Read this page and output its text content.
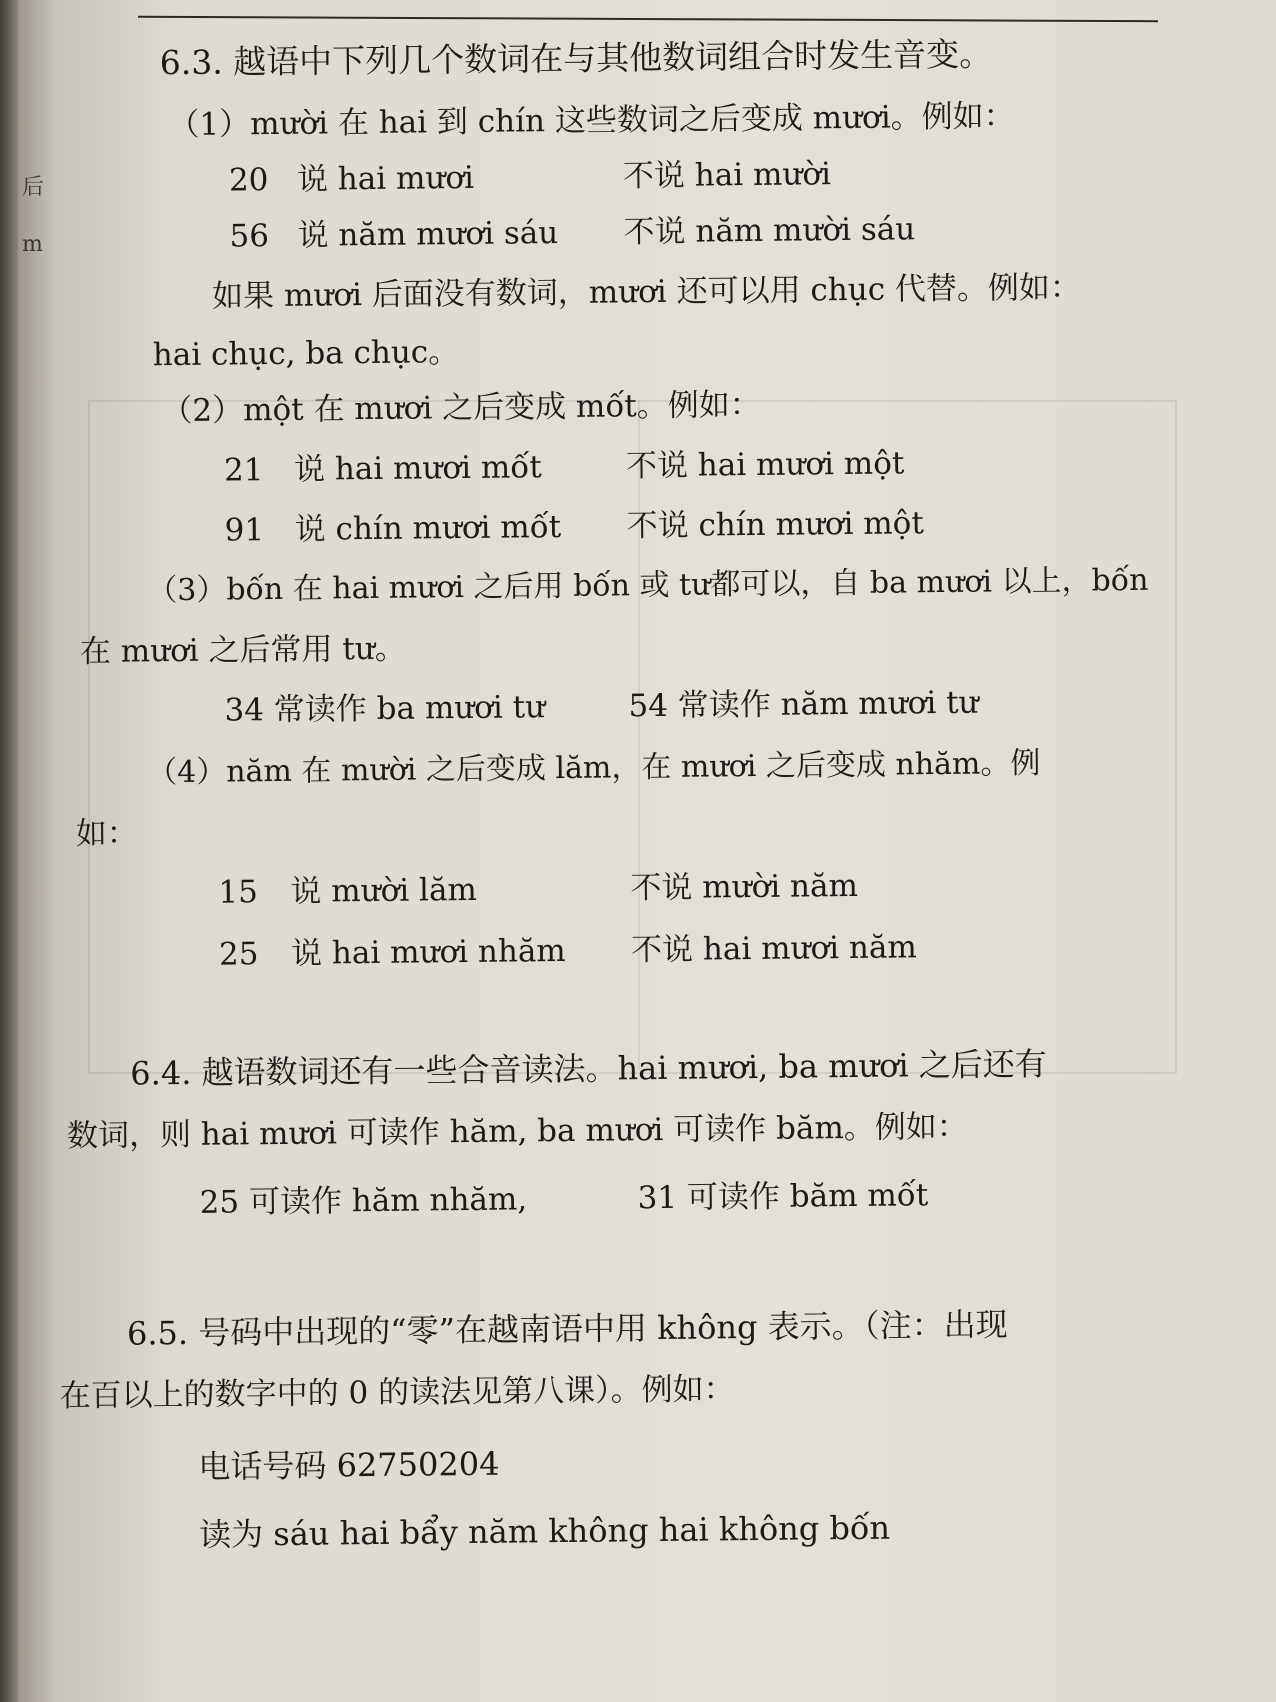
后
m
6.3. 越语中下列几个数词在与其他数词组合时发生音变。
（1）mười 在 hai 到 chín 这些数词之后变成 mươi。例如：
20 说 hai mươi	不说 hai mười
56 说 năm mươi sáu 不说 năm mười sáu
如果 mươi 后面没有数词，mươi 还可以用 chục 代替。例如：
hai chục, ba chục。
（2）một 在 mươi 之后变成 mốt。例如：
21 说 hai mươi mốt	不说 hai mươi một
91 说 chín mươi mốt 不说 chín mươi một
（3）bốn 在 hai mươi 之后用 bốn 或 tư都可以，自 ba mươi 以上，bốn
在 mươi 之后常用 tư。
34 常读作 ba mươi tư	54 常读作 năm mươi tư
（4）năm 在 mười 之后变成 lăm，在 mươi 之后变成 nhăm。例
如：
15 说 mười lăm	不说 mười năm
25 说 hai mươi nhăm 不说 hai mươi năm
6.4. 越语数词还有一些合音读法。hai mươi, ba mươi 之后还有
数词，则 hai mươi 可读作 hăm, ba mươi 可读作 băm。例如：
25 可读作 hăm nhăm,	31 可读作 băm mốt
6.5. 号码中出现的“零”在越南语中用 không 表示。（注：出现
在百以上的数字中的 0 的读法见第八课）。例如：
电话号码 62750204
读为 sáu hai bẩy năm không hai không bốn
